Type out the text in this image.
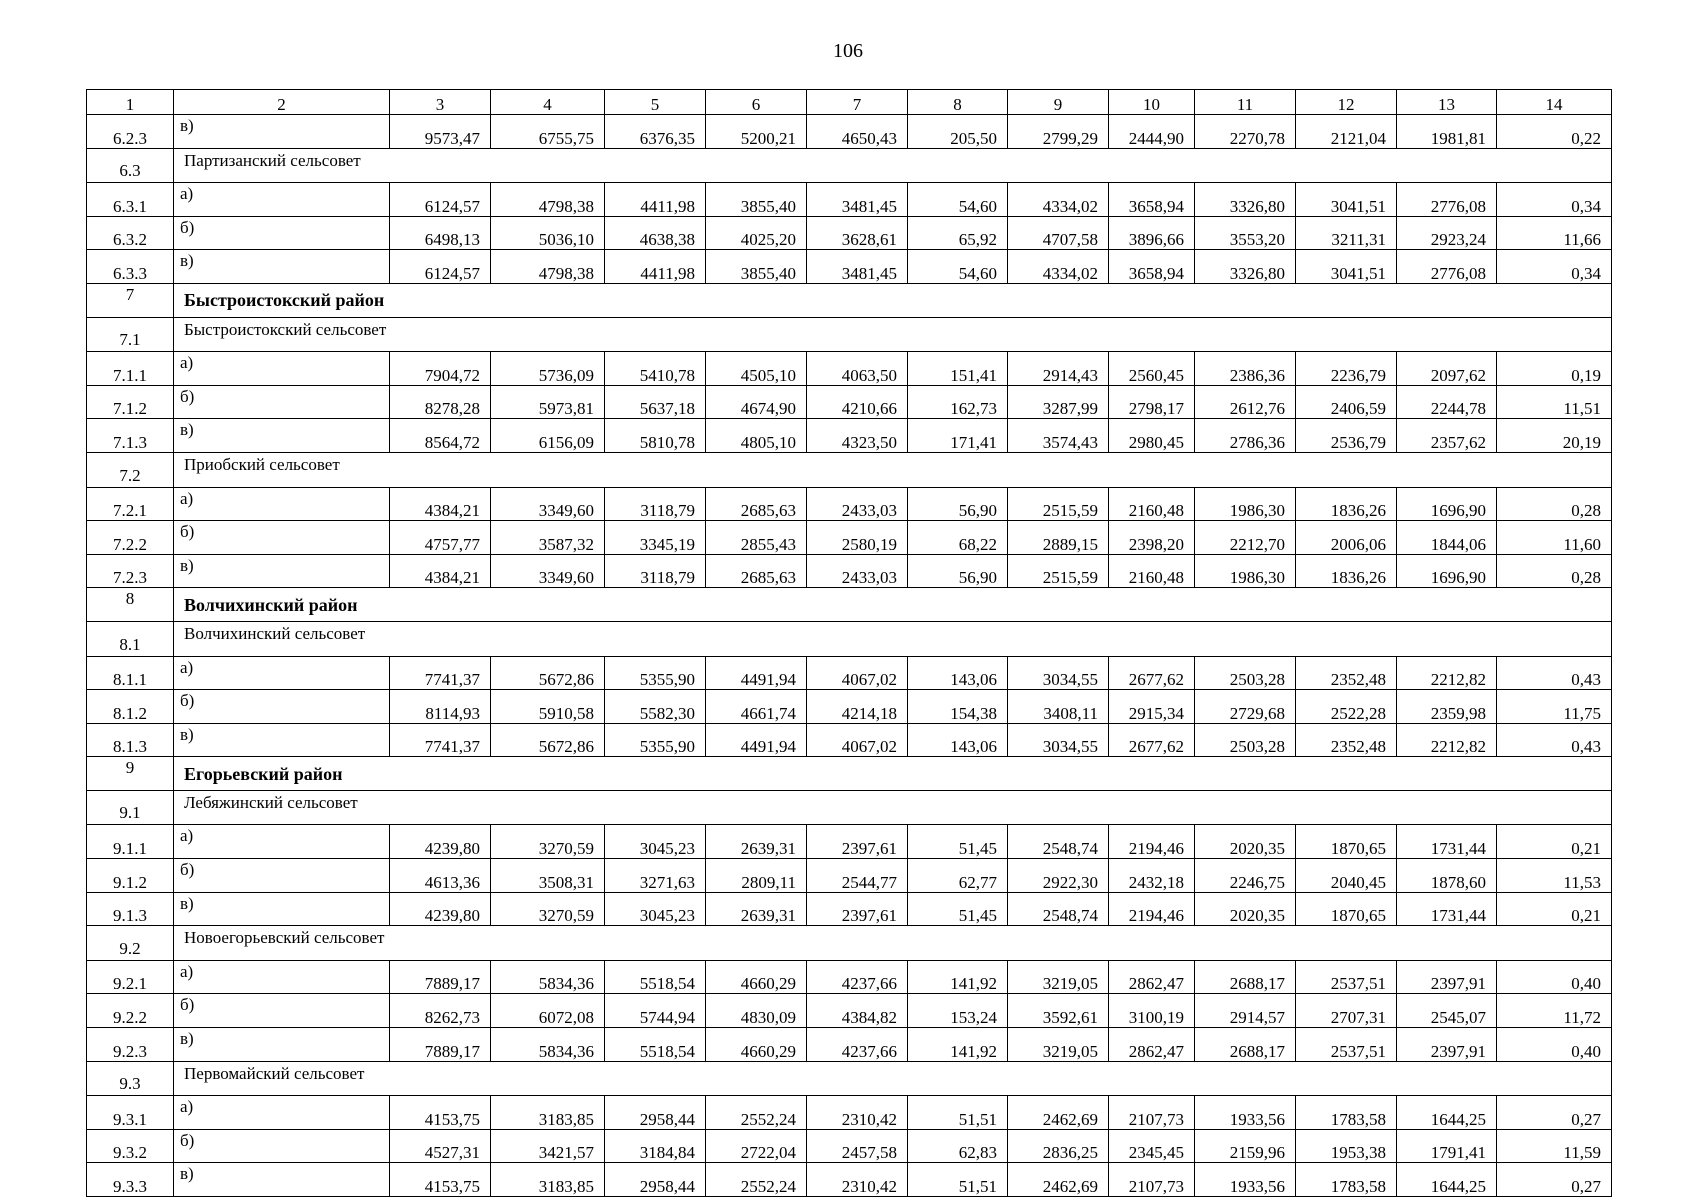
106
1	2	3	4	5	6	7	8	9	10	11	12	13	14
6.2.3	в)	9573,47	6755,75	6376,35	5200,21	4650,43	205,50	2799,29	2444,90	2270,78	2121,04	1981,81	0,22
6.3	Партизанский сельсовет												
6.3.1	а)	6124,57	4798,38	4411,98	3855,40	3481,45	54,60	4334,02	3658,94	3326,80	3041,51	2776,08	0,34
6.3.2	б)	6498,13	5036,10	4638,38	4025,20	3628,61	65,92	4707,58	3896,66	3553,20	3211,31	2923,24	11,66
6.3.3	в)	6124,57	4798,38	4411,98	3855,40	3481,45	54,60	4334,02	3658,94	3326,80	3041,51	2776,08	0,34
7	Быстроистокский район												
7.1	Быстроистокский сельсовет												
7.1.1	а)	7904,72	5736,09	5410,78	4505,10	4063,50	151,41	2914,43	2560,45	2386,36	2236,79	2097,62	0,19
7.1.2	б)	8278,28	5973,81	5637,18	4674,90	4210,66	162,73	3287,99	2798,17	2612,76	2406,59	2244,78	11,51
7.1.3	в)	8564,72	6156,09	5810,78	4805,10	4323,50	171,41	3574,43	2980,45	2786,36	2536,79	2357,62	20,19
7.2	Приобский сельсовет												
7.2.1	а)	4384,21	3349,60	3118,79	2685,63	2433,03	56,90	2515,59	2160,48	1986,30	1836,26	1696,90	0,28
7.2.2	б)	4757,77	3587,32	3345,19	2855,43	2580,19	68,22	2889,15	2398,20	2212,70	2006,06	1844,06	11,60
7.2.3	в)	4384,21	3349,60	3118,79	2685,63	2433,03	56,90	2515,59	2160,48	1986,30	1836,26	1696,90	0,28
8	Волчихинский район												
8.1	Волчихинский сельсовет												
8.1.1	а)	7741,37	5672,86	5355,90	4491,94	4067,02	143,06	3034,55	2677,62	2503,28	2352,48	2212,82	0,43
8.1.2	б)	8114,93	5910,58	5582,30	4661,74	4214,18	154,38	3408,11	2915,34	2729,68	2522,28	2359,98	11,75
8.1.3	в)	7741,37	5672,86	5355,90	4491,94	4067,02	143,06	3034,55	2677,62	2503,28	2352,48	2212,82	0,43
9	Егорьевский район												
9.1	Лебяжинский сельсовет												
9.1.1	а)	4239,80	3270,59	3045,23	2639,31	2397,61	51,45	2548,74	2194,46	2020,35	1870,65	1731,44	0,21
9.1.2	б)	4613,36	3508,31	3271,63	2809,11	2544,77	62,77	2922,30	2432,18	2246,75	2040,45	1878,60	11,53
9.1.3	в)	4239,80	3270,59	3045,23	2639,31	2397,61	51,45	2548,74	2194,46	2020,35	1870,65	1731,44	0,21
9.2	Новоегорьевский сельсовет												
9.2.1	а)	7889,17	5834,36	5518,54	4660,29	4237,66	141,92	3219,05	2862,47	2688,17	2537,51	2397,91	0,40
9.2.2	б)	8262,73	6072,08	5744,94	4830,09	4384,82	153,24	3592,61	3100,19	2914,57	2707,31	2545,07	11,72
9.2.3	в)	7889,17	5834,36	5518,54	4660,29	4237,66	141,92	3219,05	2862,47	2688,17	2537,51	2397,91	0,40
9.3	Первомайский сельсовет												
9.3.1	а)	4153,75	3183,85	2958,44	2552,24	2310,42	51,51	2462,69	2107,73	1933,56	1783,58	1644,25	0,27
9.3.2	б)	4527,31	3421,57	3184,84	2722,04	2457,58	62,83	2836,25	2345,45	2159,96	1953,38	1791,41	11,59
9.3.3	в)	4153,75	3183,85	2958,44	2552,24	2310,42	51,51	2462,69	2107,73	1933,56	1783,58	1644,25	0,27
